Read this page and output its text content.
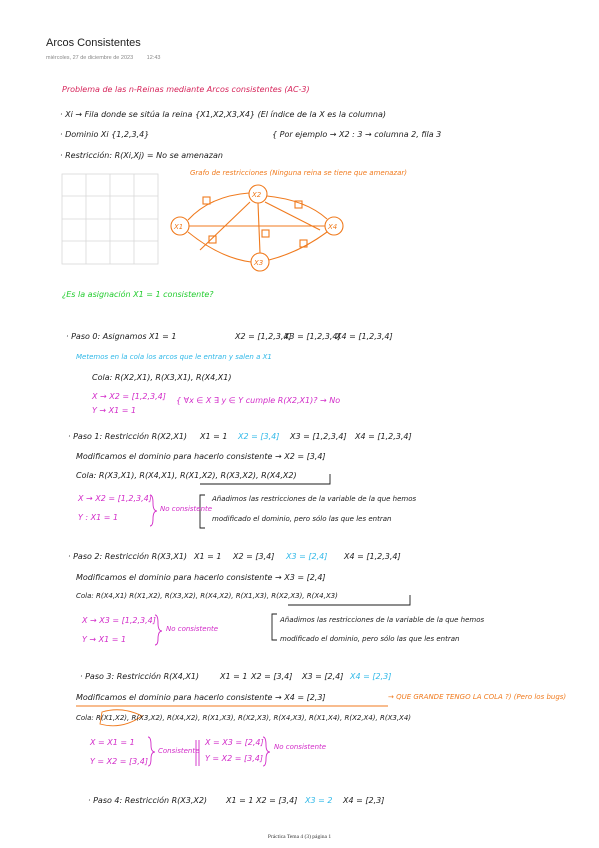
Arcos Consistentes
miércoles, 27 de diciembre de 2023 12:43
X2
X1	X4
X3
Problema de las n-Reinas mediante Arcos consistentes (AC-3)
· Xi → Fila donde se sitúa la reina {X1,X2,X3,X4} (El índice de la X es la columna)
· Dominio Xi {1,2,3,4}	{ Por ejemplo → X2 : 3 → columna 2, fila 3
· Restricción: R(Xi,Xj) = No se amenazan
Grafo de restricciones (Ninguna reina se tiene que amenazar)
¿Es la asignación X1 = 1 consistente?
· Paso 0: Asignamos X1 = 1	X2 = [1,2,3,4]
X3 = [1,2,3,4]
X4 = [1,2,3,4]
Metemos en la cola los arcos que le entran y salen a X1
Cola: R(X2,X1), R(X3,X1), R(X4,X1)
X → X2 = [1,2,3,4]
Y → X1 = 1
{ ∀x ∈ X ∃ y ∈ Y cumple R(X2,X1)? → No
· Paso 1: Restricción R(X2,X1) X1 = 1 X2 = [3,4] X3 = [1,2,3,4] X4 = [1,2,3,4]
Modificamos el dominio para hacerlo consistente → X2 = [3,4]
Cola: R(X3,X1), R(X4,X1), R(X1,X2), R(X3,X2), R(X4,X2)
X → X2 = [1,2,3,4]
Y : X1 = 1
No consistente
Añadimos las restricciones de la variable de la que hemos
modificado el dominio, pero sólo las que les entran
· Paso 2: Restricción R(X3,X1) X1 = 1 X2 = [3,4] X3 = [2,4] X4 = [1,2,3,4]
Modificamos el dominio para hacerlo consistente → X3 = [2,4]
Cola: R(X4,X1) R(X1,X2), R(X3,X2), R(X4,X2), R(X1,X3), R(X2,X3), R(X4,X3)
X → X3 = [1,2,3,4]
Y → X1 = 1
No consistente
Añadimos las restricciones de la variable de la que hemos
modificado el dominio, pero sólo las que les entran
· Paso 3: Restricción R(X4,X1)	X1 = 1 X2 = [3,4] X3 = [2,4] X4 = [2,3]
Modificamos el dominio para hacerlo consistente → X4 = [2,3]	→ QUE GRANDE TENGO LA COLA ?) (Pero los bugs)
Cola: R(X1,X2), R(X3,X2), R(X4,X2), R(X1,X3), R(X2,X3), R(X4,X3), R(X1,X4), R(X2,X4), R(X3,X4)
X = X1 = 1
Y = X2 = [3,4]
Consistente
X = X3 = [2,4]
Y = X2 = [3,4]
No consistente
· Paso 4: Restricción R(X3,X2) X1 = 1 X2 = [3,4] X3 = 2 X4 = [2,3]
Práctica Tema 4 (3) página 1
